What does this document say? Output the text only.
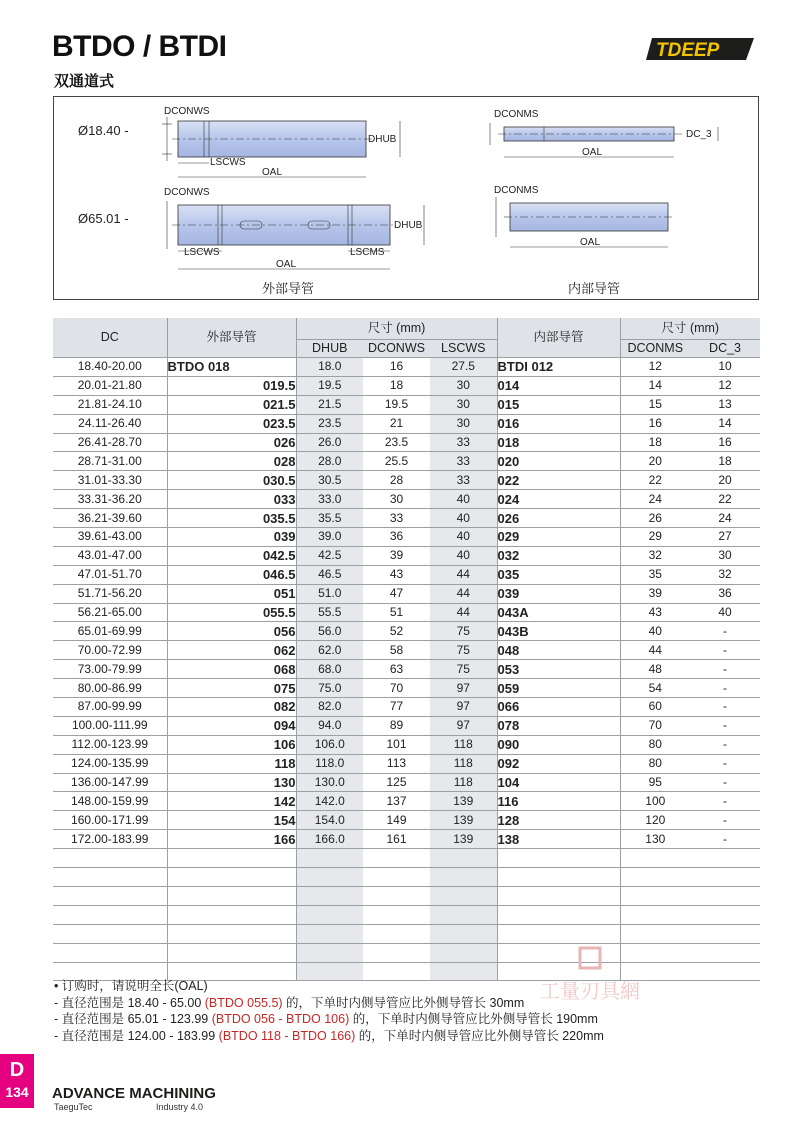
BTDO / BTDI
双通道式
TDEEP
Ø18.40 -
DCONWS
DHUB
LSCWS
OAL
DCONMS
DC_3
OAL
Ø65.01 -
DCONWS
DHUB
LSCWS	LSCMS
OAL
DCONMS
OAL
外部导管	内部导管
DC	外部导管	尺寸 (mm)			内部导管	尺寸 (mm)	
		DHUB	DCONWS	LSCWS		DCONMS	DC_3
18.40-20.00	BTDO 018	18.0	16	27.5	BTDI 012	12	10
20.01-21.80	019.5	19.5	18	30	014	14	12
21.81-24.10	021.5	21.5	19.5	30	015	15	13
24.11-26.40	023.5	23.5	21	30	016	16	14
26.41-28.70	026	26.0	23.5	33	018	18	16
28.71-31.00	028	28.0	25.5	33	020	20	18
31.01-33.30	030.5	30.5	28	33	022	22	20
33.31-36.20	033	33.0	30	40	024	24	22
36.21-39.60	035.5	35.5	33	40	026	26	24
39.61-43.00	039	39.0	36	40	029	29	27
43.01-47.00	042.5	42.5	39	40	032	32	30
47.01-51.70	046.5	46.5	43	44	035	35	32
51.71-56.20	051	51.0	47	44	039	39	36
56.21-65.00	055.5	55.5	51	44	043A	43	40
65.01-69.99	056	56.0	52	75	043B	40	-
70.00-72.99	062	62.0	58	75	048	44	-
73.00-79.99	068	68.0	63	75	053	48	-
80.00-86.99	075	75.0	70	97	059	54	-
87.00-99.99	082	82.0	77	97	066	60	-
100.00-111.99	094	94.0	89	97	078	70	-
112.00-123.99	106	106.0	101	118	090	80	-
124.00-135.99	118	118.0	113	118	092	80	-
136.00-147.99	130	130.0	125	118	104	95	-
148.00-159.99	142	142.0	137	139	116	100	-
160.00-171.99	154	154.0	149	139	128	120	-
172.00-183.99	166	166.0	161	139	138	130	-

• 订购时，请说明全长(OAL)
- 直径范围是 18.40 - 65.00 (BTDO 055.5) 的，下单时内侧导管应比外侧导管长 30mm
- 直径范围是 65.01 - 123.99 (BTDO 056 - BTDO 106) 的，下单时内侧导管应比外侧导管长 190mm
- 直径范围是 124.00 - 183.99 (BTDO 118 - BTDO 166) 的，下单时内侧导管应比外侧导管长 220mm
工量刃具網
D
134	ADVANCE MACHINING
TaeguTec	Industry 4.0
